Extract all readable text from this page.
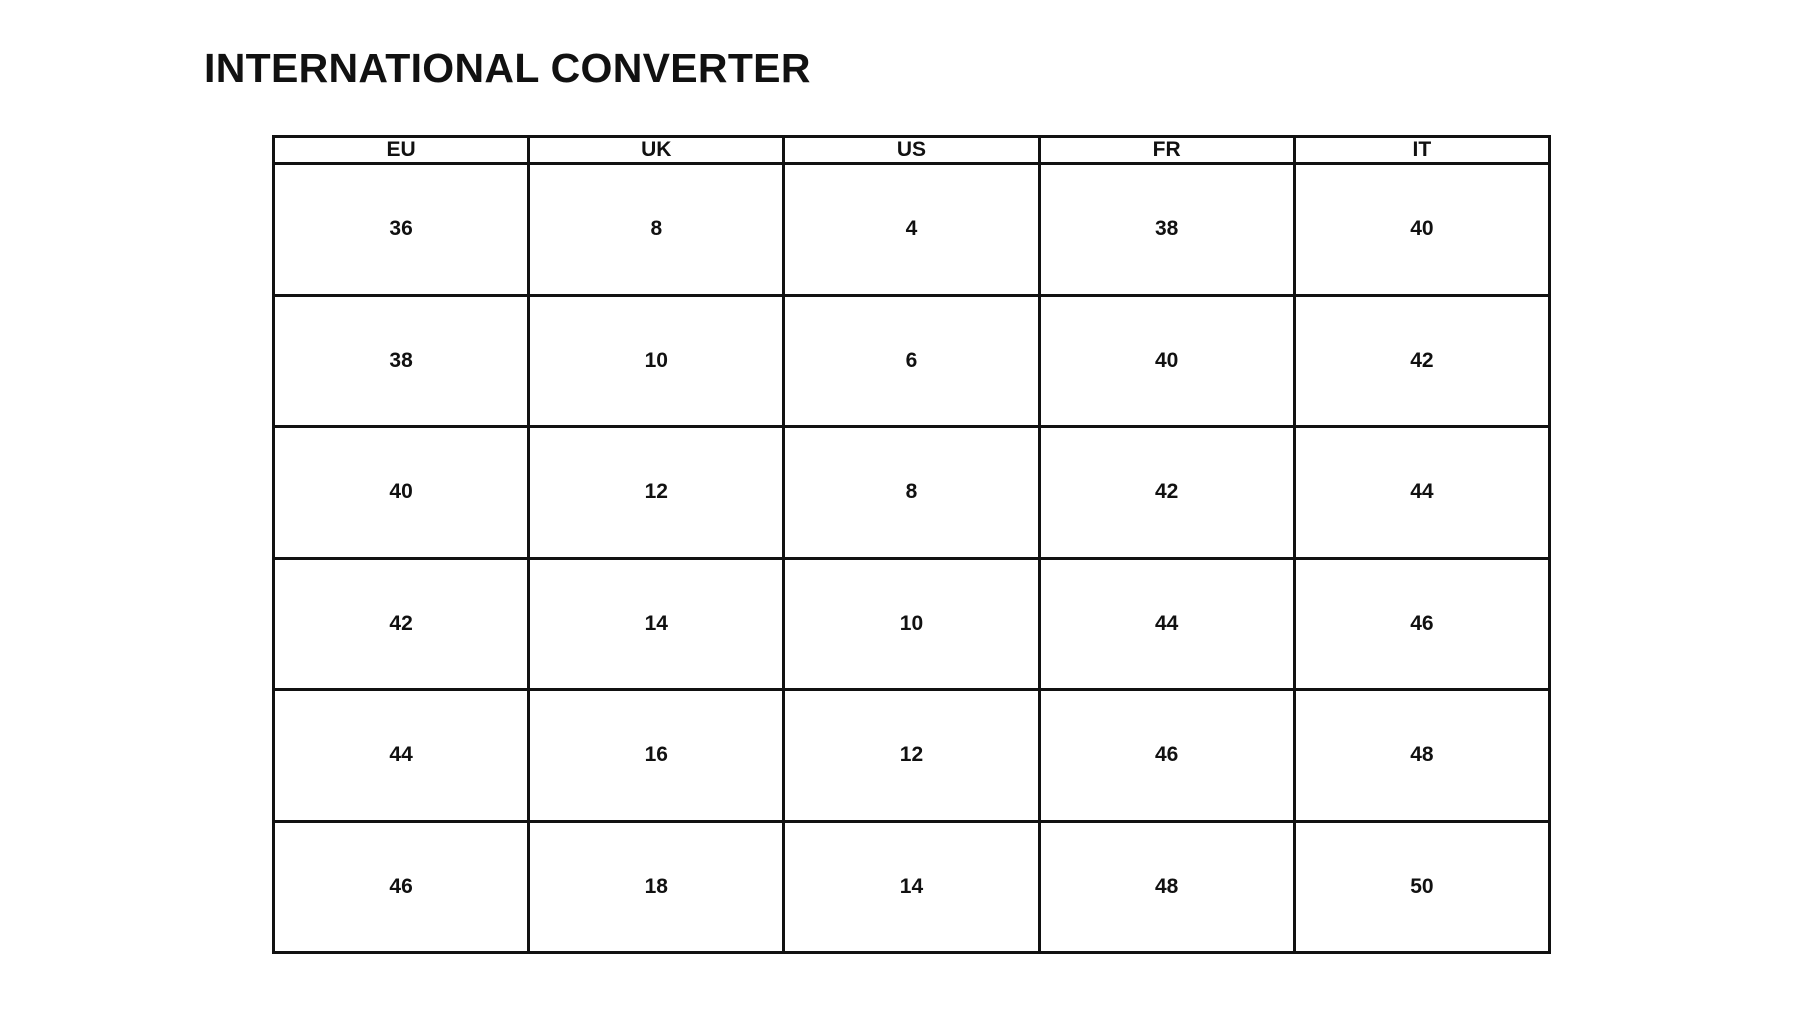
INTERNATIONAL CONVERTER
EU	UK	US	FR	IT
36	8	4	38	40
38	10	6	40	42
40	12	8	42	44
42	14	10	44	46
44	16	12	46	48
46	18	14	48	50
